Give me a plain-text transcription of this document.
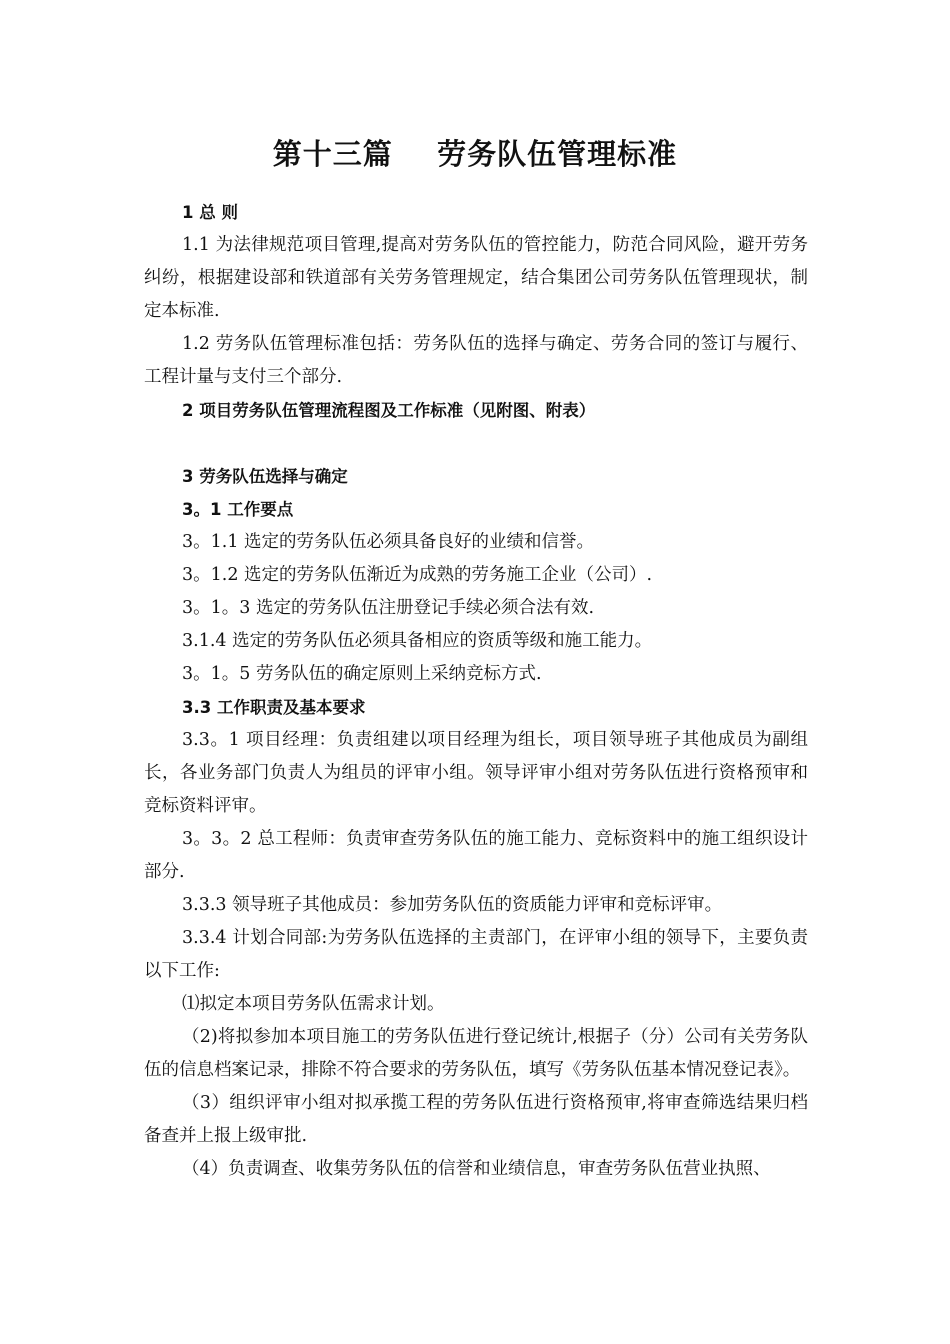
第十三篇    劳务队伍管理标准

1 总 则

1.1 为法律规范项目管理,提高对劳务队伍的管控能力，防范合同风险，避开劳务纠纷，根据建设部和铁道部有关劳务管理规定，结合集团公司劳务队伍管理现状，制定本标准.

1.2 劳务队伍管理标准包括：劳务队伍的选择与确定、劳务合同的签订与履行、工程计量与支付三个部分.

2 项目劳务队伍管理流程图及工作标准（见附图、附表）

3 劳务队伍选择与确定

3。1 工作要点

3。1.1 选定的劳务队伍必须具备良好的业绩和信誉。

3。1.2 选定的劳务队伍渐近为成熟的劳务施工企业（公司）.

3。1。3 选定的劳务队伍注册登记手续必须合法有效.

3.1.4 选定的劳务队伍必须具备相应的资质等级和施工能力。

3。1。5 劳务队伍的确定原则上采纳竞标方式.

3.3 工作职责及基本要求

3.3。1 项目经理：负责组建以项目经理为组长，项目领导班子其他成员为副组长，各业务部门负责人为组员的评审小组。领导评审小组对劳务队伍进行资格预审和竞标资料评审。

3。3。2 总工程师：负责审查劳务队伍的施工能力、竞标资料中的施工组织设计部分.

3.3.3 领导班子其他成员：参加劳务队伍的资质能力评审和竞标评审。

3.3.4 计划合同部:为劳务队伍选择的主责部门，在评审小组的领导下，主要负责以下工作:

⑴拟定本项目劳务队伍需求计划。

（2)将拟参加本项目施工的劳务队伍进行登记统计,根据子（分）公司有关劳务队伍的信息档案记录，排除不符合要求的劳务队伍，填写《劳务队伍基本情况登记表》。

（3）组织评审小组对拟承揽工程的劳务队伍进行资格预审,将审查筛选结果归档备查并上报上级审批.

（4）负责调查、收集劳务队伍的信誉和业绩信息，审查劳务队伍营业执照、
